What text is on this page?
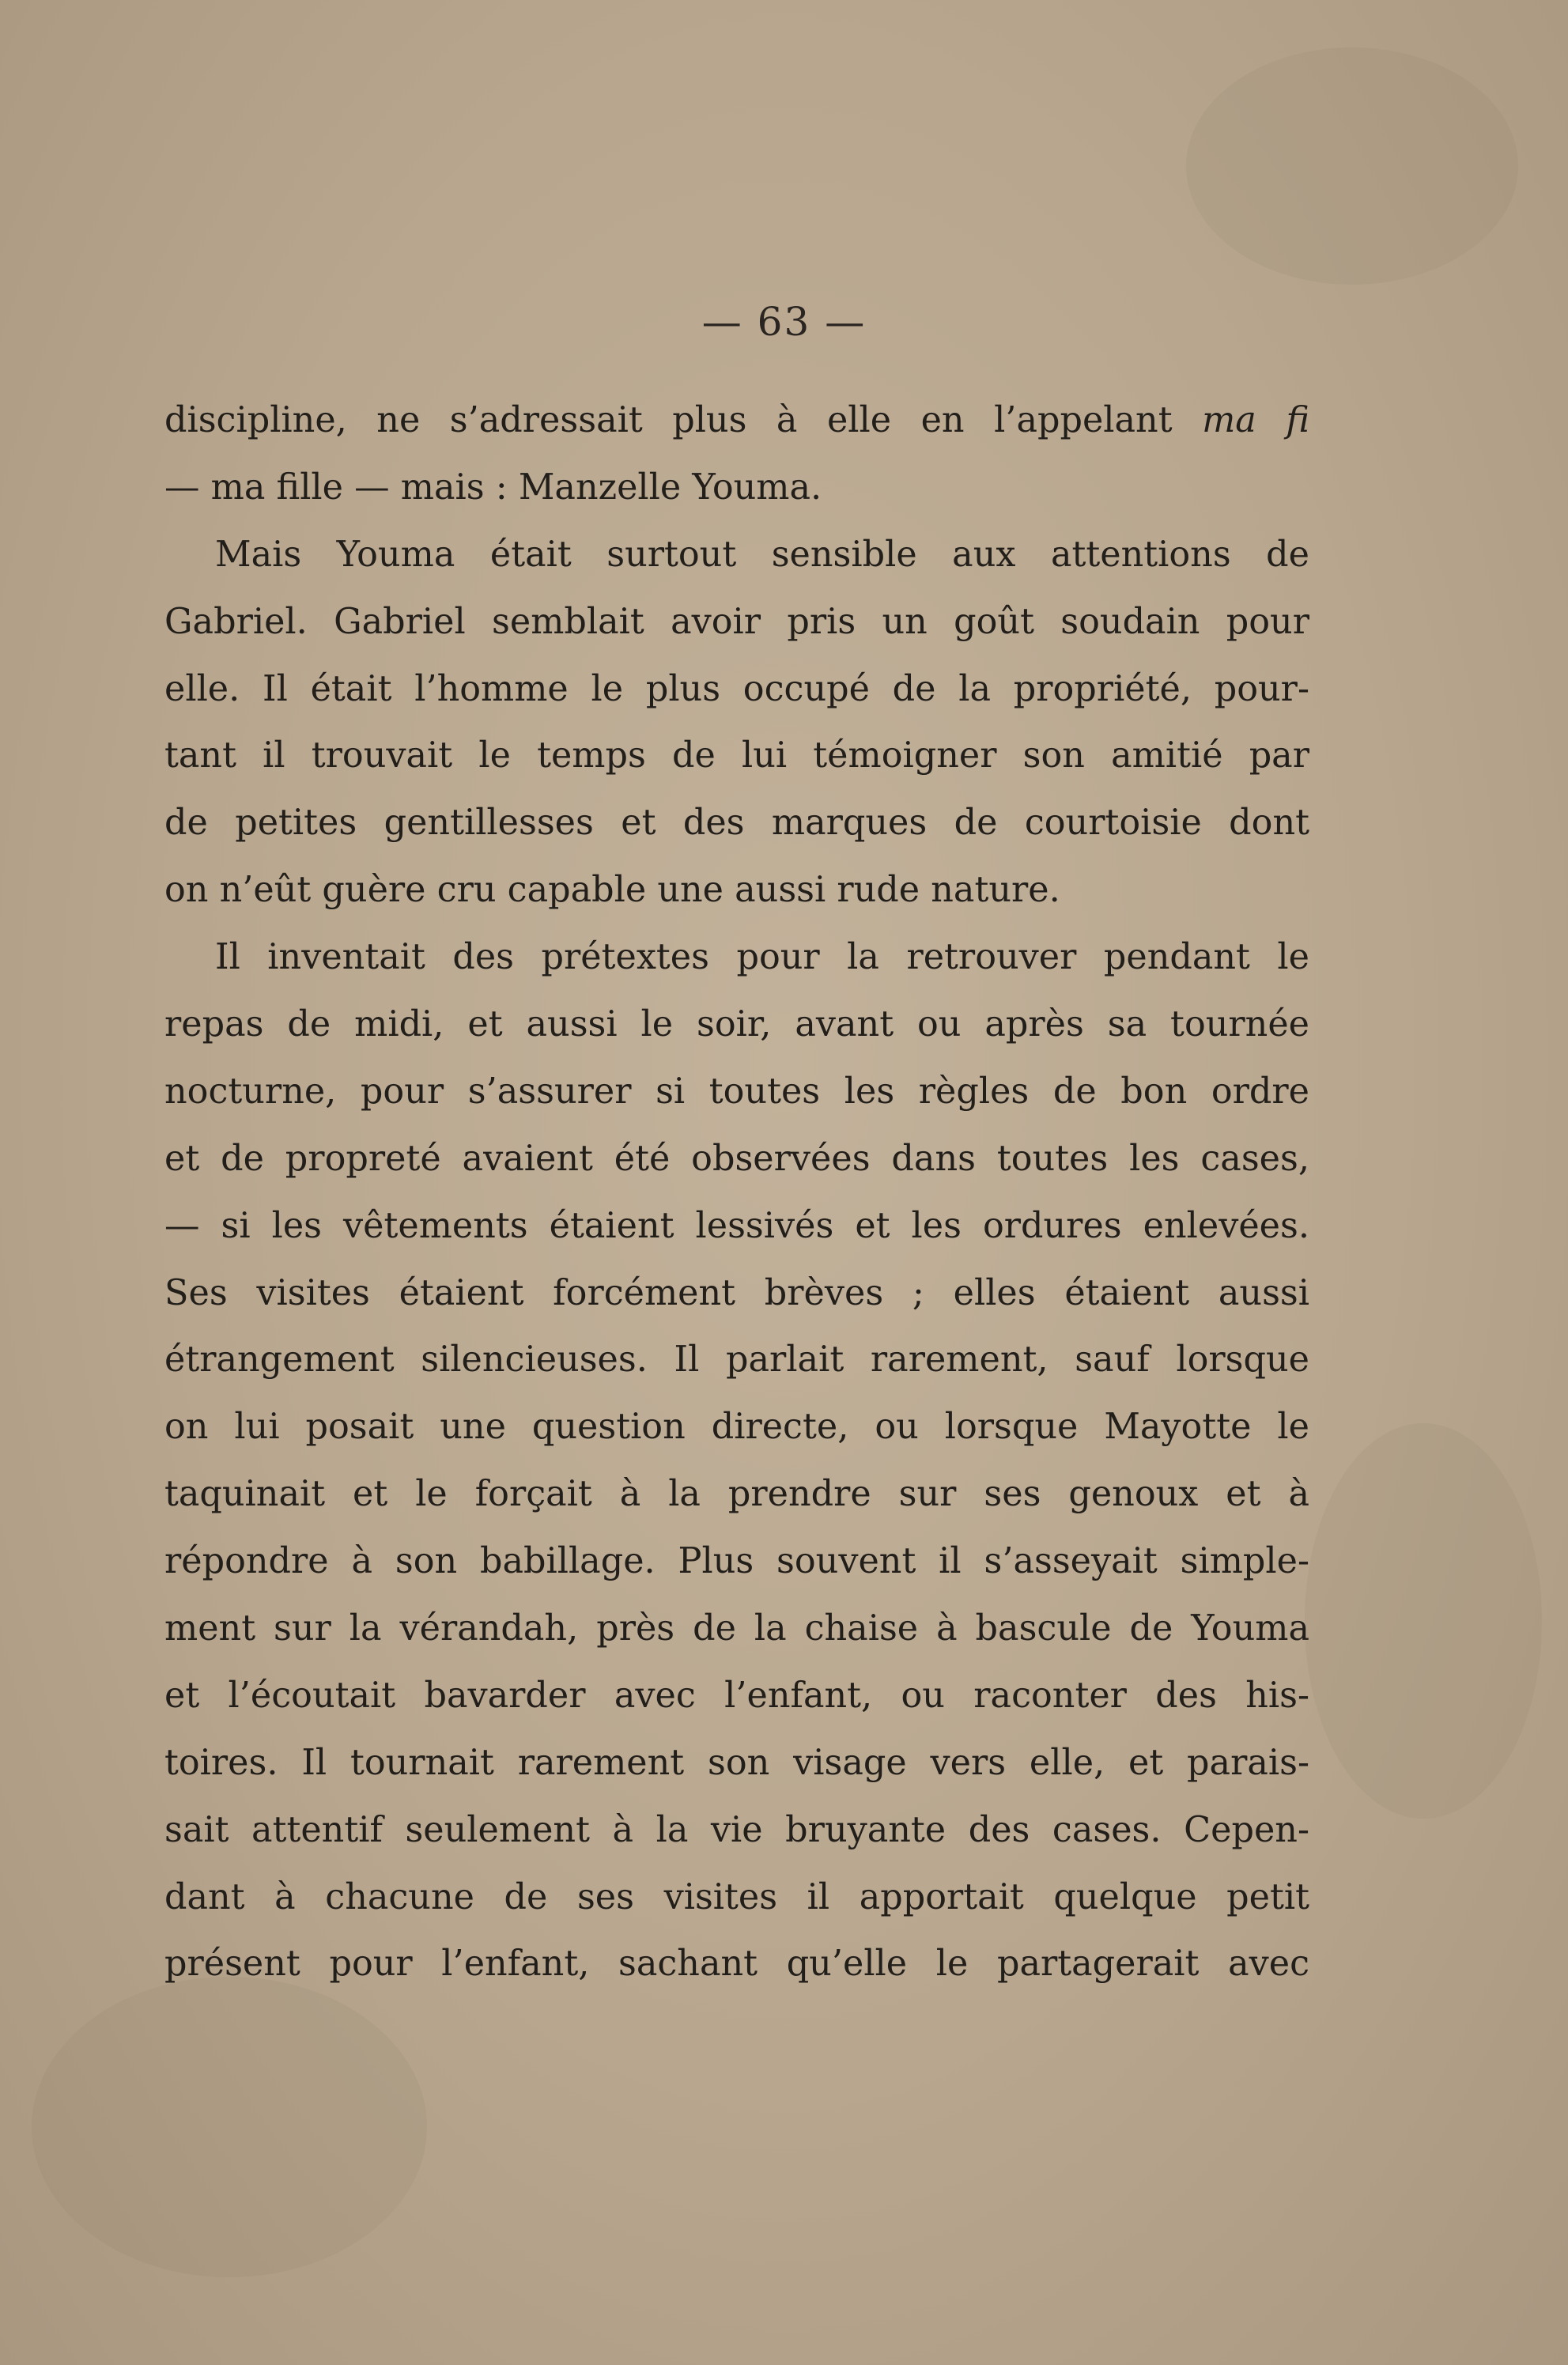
— 63 —
discipline, ne s’adressait plus à elle en l’appelant ma fi
— ma fille — mais : Manzelle Youma.
Mais Youma était surtout sensible aux attentions de
Gabriel. Gabriel semblait avoir pris un goût soudain pour
elle. Il était l’homme le plus occupé de la propriété, pour-
tant il trouvait le temps de lui témoigner son amitié par
de petites gentillesses et des marques de courtoisie dont
on n’eût guère cru capable une aussi rude nature.
Il inventait des prétextes pour la retrouver pendant le
repas de midi, et aussi le soir, avant ou après sa tournée
nocturne, pour s’assurer si toutes les règles de bon ordre
et de propreté avaient été observées dans toutes les cases,
— si les vêtements étaient lessivés et les ordures enlevées.
Ses visites étaient forcément brèves ; elles étaient aussi
étrangement silencieuses. Il parlait rarement, sauf lorsque
on lui posait une question directe, ou lorsque Mayotte le
taquinait et le forçait à la prendre sur ses genoux et à
répondre à son babillage. Plus souvent il s’asseyait simple-
ment sur la vérandah, près de la chaise à bascule de Youma
et l’écoutait bavarder avec l’enfant, ou raconter des his-
toires. Il tournait rarement son visage vers elle, et parais-
sait attentif seulement à la vie bruyante des cases. Cepen-
dant à chacune de ses visites il apportait quelque petit
présent pour l’enfant, sachant qu’elle le partagerait avec
